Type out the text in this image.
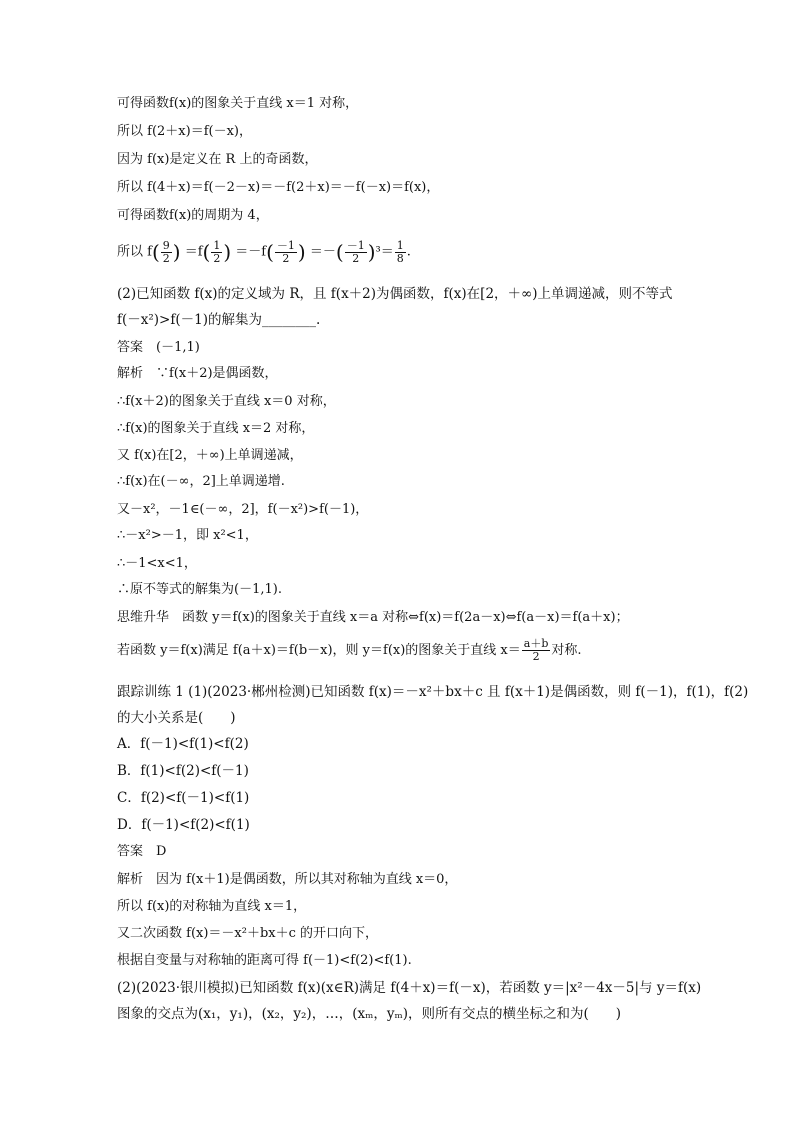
可得函数f(x)的图象关于直线 x＝1 对称，
所以 f(2＋x)＝f(－x)，
因为 f(x)是定义在 R 上的奇函数，
所以 f(4＋x)＝f(－2－x)＝－f(2＋x)＝－f(－x)＝f(x)，
可得函数f(x)的周期为 4，
所以 $f( \frac{9}{2}$ ) $=f( \frac{1}{2}$ ) $=-f( \frac{-1}{2}$ ) ＝－( $\frac{-1}{2} )^3= \frac{1}{8}$ .
(2)已知函数 f(x)的定义域为 R，且 f(x＋2)为偶函数，f(x)在[2，＋∞)上单调递减，则不等式
f(－x²)>f(－1)的解集为________.
答案　(－1,1)
解析　∵f(x＋2)是偶函数，
∴f(x＋2)的图象关于直线 x＝0 对称，
∴f(x)的图象关于直线 x＝2 对称，
又 f(x)在[2，＋∞)上单调递减，
∴f(x)在(－∞，2]上单调递增.
又－x²，－1∈(－∞，2]，f(－x²)>f(－1)，
∴－x²>－1，即 x²<1，
∴－1<x<1，
∴原不等式的解集为(－1,1).
思维升华　函数 y＝f(x)的图象关于直线 x＝a 对称⇔f(x)＝f(2a－x)⇔f(a－x)＝f(a＋x)；
若函数 y＝f(x)满足 f(a＋x)＝f(b－x)，则 y＝f(x)的图象关于直线 $x= \frac{a+b}{2}$ 对称.
跟踪训练 1 (1)(2023·郴州检测)已知函数 f(x)＝－x²＋bx＋c 且 f(x＋1)是偶函数，则 f(－1)，f(1)，f(2)
的大小关系是(　　)
A．f(－1)<f(1)<f(2)
B．f(1)<f(2)<f(－1)
C．f(2)<f(－1)<f(1)
D．f(－1)<f(2)<f(1)
答案　D
解析　因为 f(x＋1)是偶函数，所以其对称轴为直线 x＝0，
所以 f(x)的对称轴为直线 x＝1，
又二次函数 f(x)＝－x²＋bx＋c 的开口向下，
根据自变量与对称轴的距离可得 f(－1)<f(2)<f(1).
(2)(2023·银川模拟)已知函数 f(x)(x∈R)满足 f(4＋x)＝f(－x)，若函数 y＝|x²－4x－5|与 y＝f(x)
图象的交点为(x₁，y₁)，(x₂，y₂)，…，(xₘ，yₘ)，则所有交点的横坐标之和为(　　)
